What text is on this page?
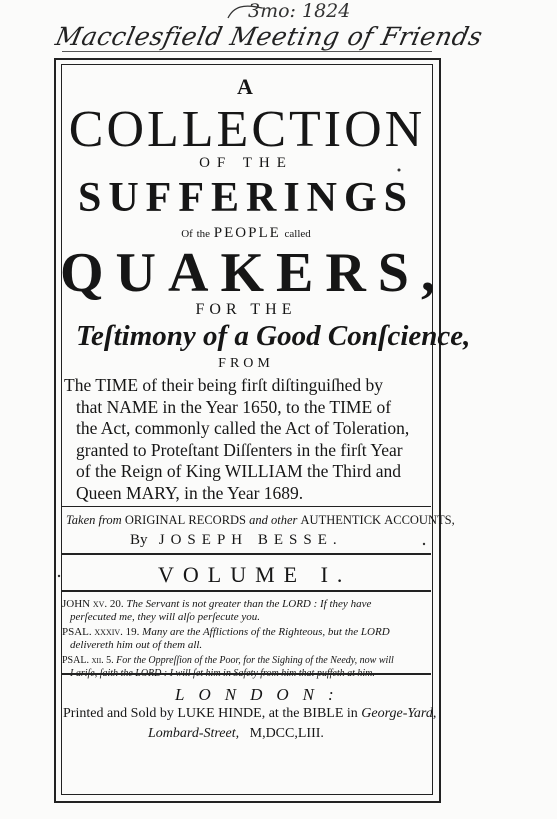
3mo: 1824
Macclesfield Meeting of Friends
A
COLLECTION
OF THE
SUFFERINGS
Of the PEOPLE called
QUAKERS,
FOR THE
Teſtimony of a Good Conſcience,
FROM
The TIME of their being firſt diſtinguiſhed by
that NAME in the Year 1650, to the TIME of
the Act, commonly called the Act of Toleration,
granted to Proteſtant Diſſenters in the firſt Year
of the Reign of King WILLIAM the Third and
Queen MARY, in the Year 1689.
Taken from ORIGINAL RECORDS and other AUTHENTICK ACCOUNTS,
By JOSEPH BESSE.
VOLUME I.
JOHN xv. 20. The Servant is not greater than the LORD : If they have
perſecuted me, they will alſo perſecute you.
PSAL. xxxiv. 19. Many are the Afflictions of the Righteous, but the LORD
delivereth him out of them all.
PSAL. xii. 5. For the Oppreſſion of the Poor, for the Sighing of the Needy, now will
LONDON:
Printed and Sold by LUKE HINDE, at the BIBLE in George-Yard,
Lombard-Street, M,DCC,LIII.
